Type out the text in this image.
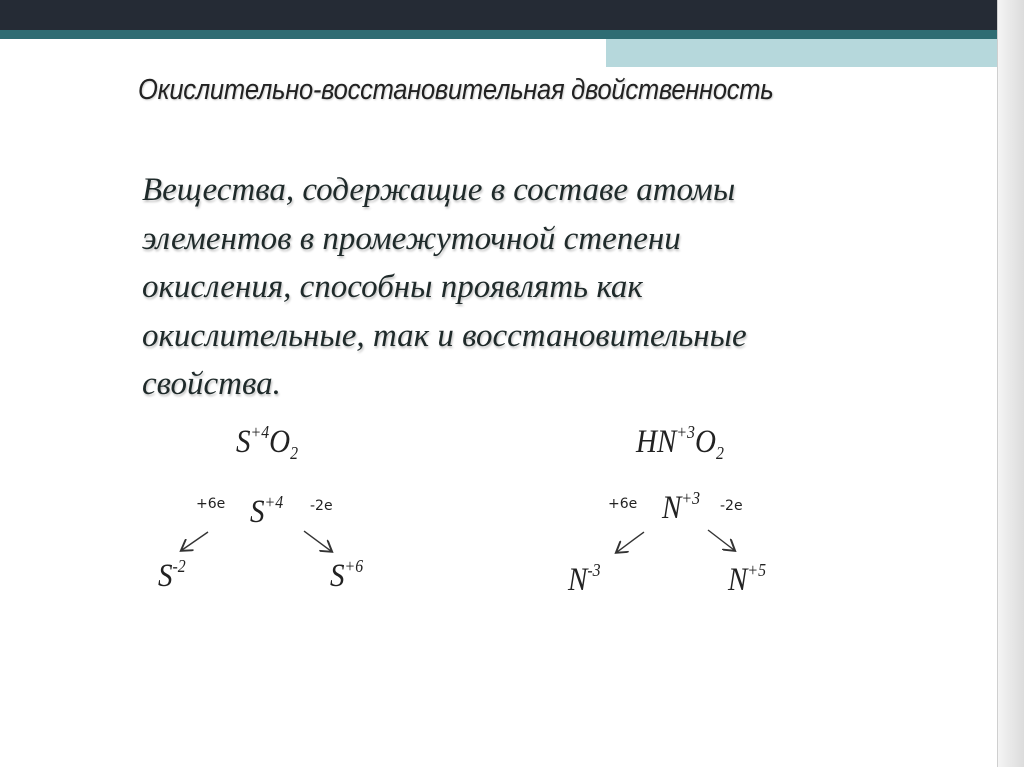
Окислительно-восстановительная двойственность

Вещества, содержащие в составе атомы
элементов в промежуточной степени
окисления, способны проявлять как
окислительные, так и восстановительные
свойства.

$S^{+4}O_2$
+6e $S^{+4}$ -2e
$S^{-2}$	$S^{+6}$
$HN^{+3}O_2$
+6e $N^{+3}$ -2e
$N^{-3}$	$N^{+5}$
